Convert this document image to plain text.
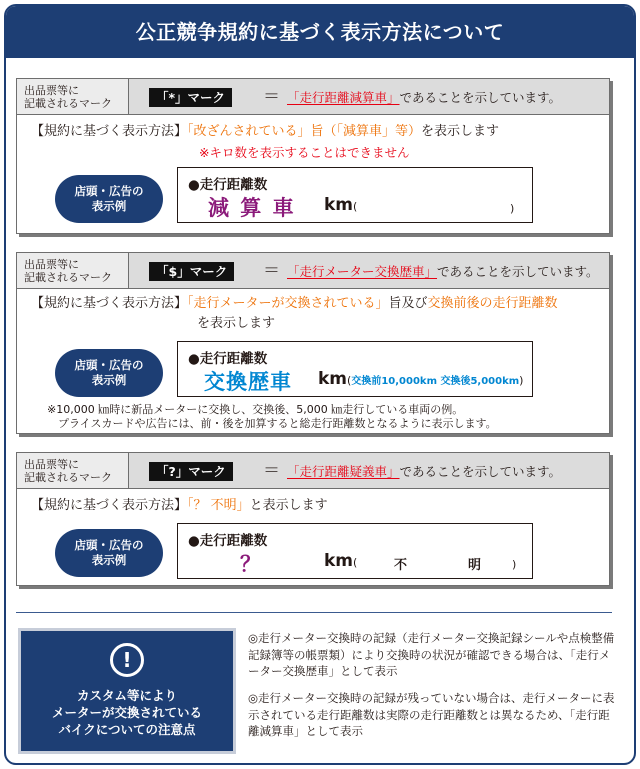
公正競争規約に基づく表示方法について
出品票等に
記載されるマーク	「*」マーク	＝ 「走行距離減算車」であることを示しています。
【規約に基づく表示方法】「改ざんされている」旨（「減算車」等）を表示します
※キロ数を表示することはできません
店頭・広告の
表示例
●走行距離数
減 算 車 km(	)
出品票等に
記載されるマーク	「$」マーク	＝ 「走行メーター交換歴車」であることを示しています。
【規約に基づく表示方法】「走行メーターが交換されている」旨及び交換前後の走行距離数
を表示します
店頭・広告の
表示例
●走行距離数
交換歴車 km(交換前10,000km 交換後5,000km)
※10,000 ㎞時に新品メーターに交換し、交換後、5,000 ㎞走行している車両の例。
プライスカードや広告には、前・後を加算すると総走行距離数となるように表示します。
出品票等に
記載されるマーク	「?」マーク	＝ 「走行距離疑義車」であることを示しています。
【規約に基づく表示方法】「？ 不明」と表示します
店頭・広告の
表示例
●走行距離数
？	km(	不	明	)
!
カスタム等により
メーターが交換されている
バイクについての注意点
◎走行メーター交換時の記録（走行メーター交換記録シールや点検整備記録簿等の帳票類）により交換時の状況が確認できる場合は、「走行メーター交換歴車」として表示
◎走行メーター交換時の記録が残っていない場合は、走行メーターに表示されている走行距離数は実際の走行距離数とは異なるため、「走行距離減算車」として表示
